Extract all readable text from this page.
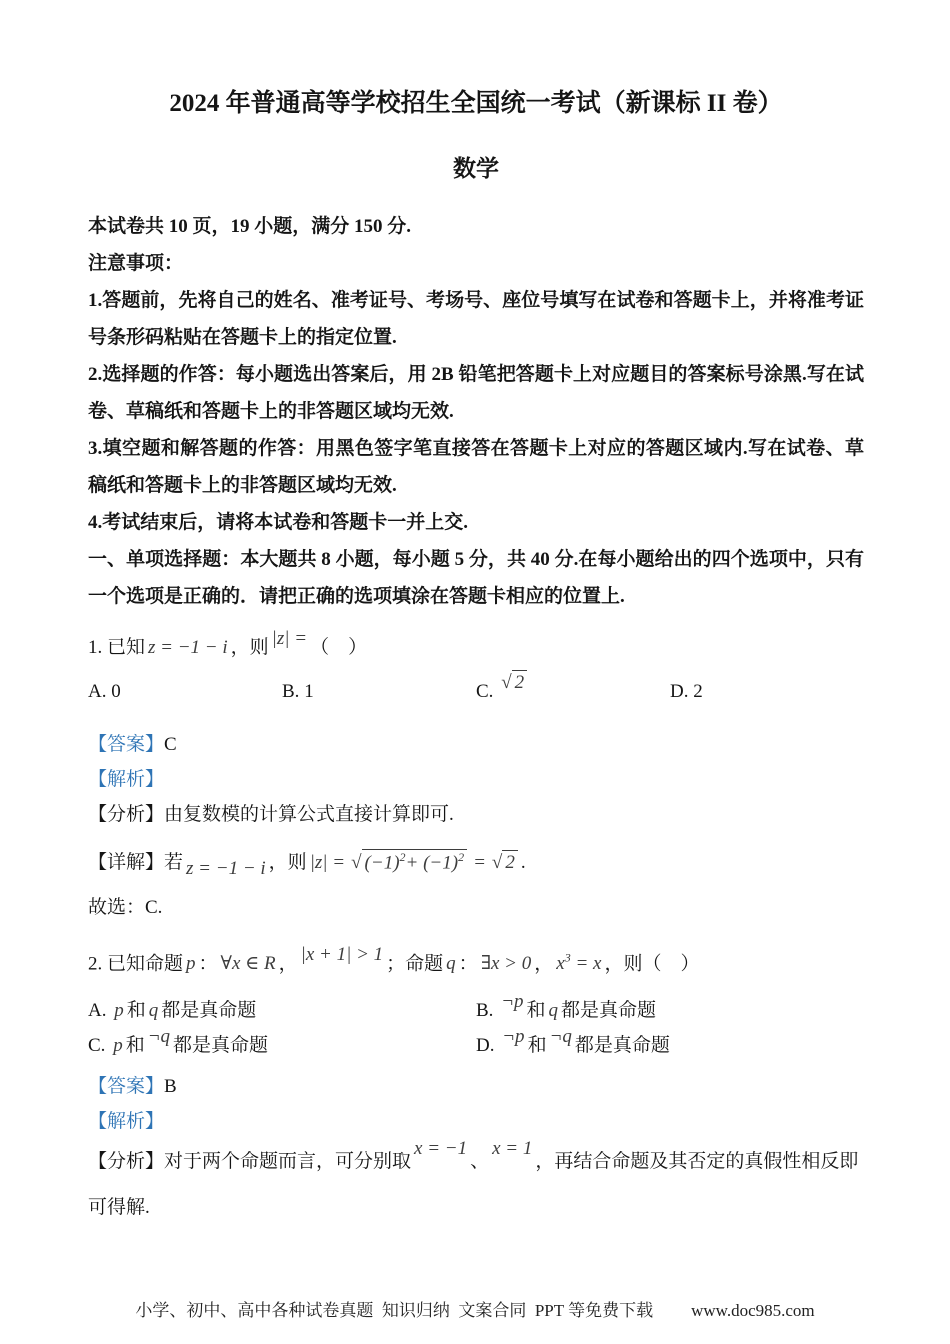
2024 年普通高等学校招生全国统一考试（新课标 II 卷）
数学

本试卷共 10 页，19 小题，满分 150 分.

注意事项：

1.答题前，先将自己的姓名、准考证号、考场号、座位号填写在试卷和答题卡上，并将准考证号条形码粘贴在答题卡上的指定位置.

2.选择题的作答：每小题选出答案后，用 2B 铅笔把答题卡上对应题目的答案标号涂黑.写在试卷、草稿纸和答题卡上的非答题区域均无效.

3.填空题和解答题的作答：用黑色签字笔直接答在答题卡上对应的答题区域内.写在试卷、草稿纸和答题卡上的非答题区域均无效.

4.考试结束后，请将本试卷和答题卡一并上交.

一、单项选择题：本大题共 8 小题，每小题 5 分，共 40 分.在每小题给出的四个选项中，只有一个选项是正确的．请把正确的选项填涂在答题卡相应的位置上.

1. 已知 z = −1 − i ，则 |z| = （　）
A. 0	B. 1	C. √ 2	D. 2

【答案】C

【解析】

【分析】由复数模的计算公式直接计算即可.

【详解】若 z = −1 − i ，则 |z| = √ $(-1)^2+ (-1)^2$ = √ 2 .

故选：C.

2. 已知命题 p ： ∀x ∈ R ， |x + 1| > 1 ；命题 q ： ∃x > 0 ， $x^3 = x$ ，则（　）
A. p 和 q 都是真命题	B. ¬p 和 q 都是真命题
C. p 和 ¬q 都是真命题	D. ¬p 和 ¬q 都是真命题

【答案】B

【解析】

【分析】对于两个命题而言，可分别取x = −1、x = 1，再结合命题及其否定的真假性相反即可得解.
小学、初中、高中各种试卷真题 知识归纳 文案合同 PPT 等免费下载 www.doc985.com
